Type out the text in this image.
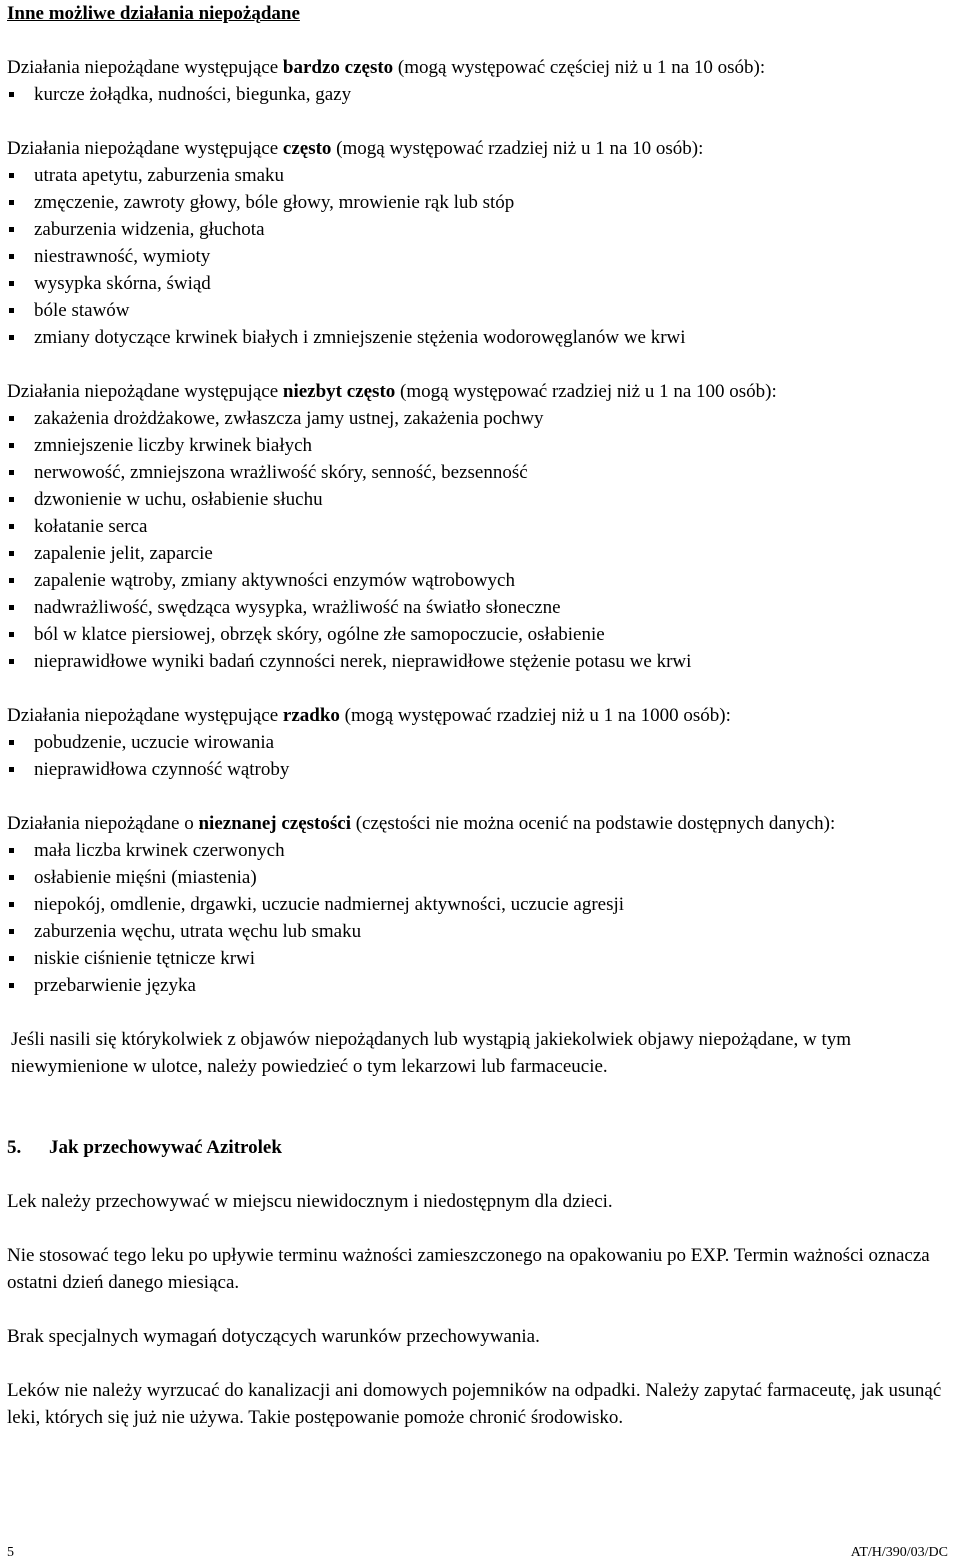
Inne możliwe działania niepożądane

Działania niepożądane występujące bardzo często (mogą występować częściej niż u 1 na 10 osób):

kurcze żołądka, nudności, biegunka, gazy

Działania niepożądane występujące często (mogą występować rzadziej niż u 1 na 10 osób):

utrata apetytu, zaburzenia smaku
zmęczenie, zawroty głowy, bóle głowy, mrowienie rąk lub stóp
zaburzenia widzenia, głuchota
niestrawność, wymioty
wysypka skórna, świąd
bóle stawów
zmiany dotyczące krwinek białych i zmniejszenie stężenia wodorowęglanów we krwi

Działania niepożądane występujące niezbyt często (mogą występować rzadziej niż u 1 na 100 osób):

zakażenia drożdżakowe, zwłaszcza jamy ustnej, zakażenia pochwy
zmniejszenie liczby krwinek białych
nerwowość, zmniejszona wrażliwość skóry, senność, bezsenność
dzwonienie w uchu, osłabienie słuchu
kołatanie serca
zapalenie jelit, zaparcie
zapalenie wątroby, zmiany aktywności enzymów wątrobowych
nadwrażliwość, swędząca wysypka, wrażliwość na światło słoneczne
ból w klatce piersiowej, obrzęk skóry, ogólne złe samopoczucie, osłabienie
nieprawidłowe wyniki badań czynności nerek, nieprawidłowe stężenie potasu we krwi

Działania niepożądane występujące rzadko (mogą występować rzadziej niż u 1 na 1000 osób):

pobudzenie, uczucie wirowania
nieprawidłowa czynność wątroby

Działania niepożądane o nieznanej częstości (częstości nie można ocenić na podstawie dostępnych danych):

mała liczba krwinek czerwonych
osłabienie mięśni (miastenia)
niepokój, omdlenie, drgawki, uczucie nadmiernej aktywności, uczucie agresji
zaburzenia węchu, utrata węchu lub smaku
niskie ciśnienie tętnicze krwi
przebarwienie języka

Jeśli nasili się którykolwiek z objawów niepożądanych lub wystąpią jakiekolwiek objawy niepożądane, w tym niewymienione w ulotce, należy powiedzieć o tym lekarzowi lub farmaceucie.

5. Jak przechowywać Azitrolek

Lek należy przechowywać w miejscu niewidocznym i niedostępnym dla dzieci.

Nie stosować tego leku po upływie terminu ważności zamieszczonego na opakowaniu po EXP. Termin ważności oznacza ostatni dzień danego miesiąca.

Brak specjalnych wymagań dotyczących warunków przechowywania.

Leków nie należy wyrzucać do kanalizacji ani domowych pojemników na odpadki. Należy zapytać farmaceutę, jak usunąć leki, których się już nie używa. Takie postępowanie pomoże chronić środowisko.

5	AT/H/390/03/DC
